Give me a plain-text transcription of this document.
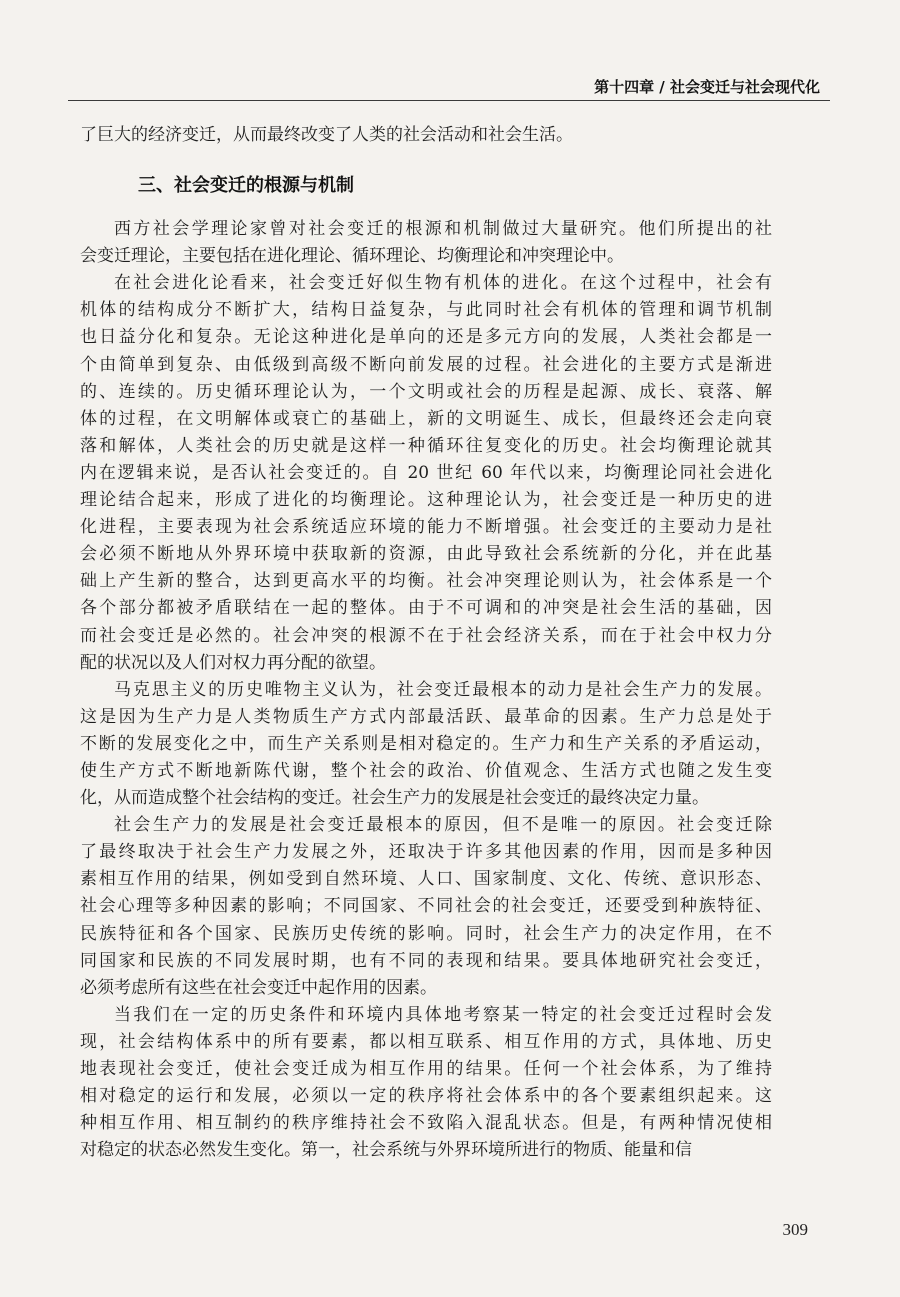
第十四章 / 社会变迁与社会现代化
了巨大的经济变迁，从而最终改变了人类的社会活动和社会生活。
三、社会变迁的根源与机制
西方社会学理论家曾对社会变迁的根源和机制做过大量研究。他们所提出的社
会变迁理论，主要包括在进化理论、循环理论、均衡理论和冲突理论中。
在社会进化论看来，社会变迁好似生物有机体的进化。在这个过程中，社会有
机体的结构成分不断扩大，结构日益复杂，与此同时社会有机体的管理和调节机制
也日益分化和复杂。无论这种进化是单向的还是多元方向的发展，人类社会都是一
个由简单到复杂、由低级到高级不断向前发展的过程。社会进化的主要方式是渐进
的、连续的。历史循环理论认为，一个文明或社会的历程是起源、成长、衰落、解
体的过程，在文明解体或衰亡的基础上，新的文明诞生、成长，但最终还会走向衰
落和解体，人类社会的历史就是这样一种循环往复变化的历史。社会均衡理论就其
内在逻辑来说，是否认社会变迁的。自 20 世纪 60 年代以来，均衡理论同社会进化
理论结合起来，形成了进化的均衡理论。这种理论认为，社会变迁是一种历史的进
化进程，主要表现为社会系统适应环境的能力不断增强。社会变迁的主要动力是社
会必须不断地从外界环境中获取新的资源，由此导致社会系统新的分化，并在此基
础上产生新的整合，达到更高水平的均衡。社会冲突理论则认为，社会体系是一个
各个部分都被矛盾联结在一起的整体。由于不可调和的冲突是社会生活的基础，因
而社会变迁是必然的。社会冲突的根源不在于社会经济关系，而在于社会中权力分
配的状况以及人们对权力再分配的欲望。
马克思主义的历史唯物主义认为，社会变迁最根本的动力是社会生产力的发展。
这是因为生产力是人类物质生产方式内部最活跃、最革命的因素。生产力总是处于
不断的发展变化之中，而生产关系则是相对稳定的。生产力和生产关系的矛盾运动，
使生产方式不断地新陈代谢，整个社会的政治、价值观念、生活方式也随之发生变
化，从而造成整个社会结构的变迁。社会生产力的发展是社会变迁的最终决定力量。
社会生产力的发展是社会变迁最根本的原因，但不是唯一的原因。社会变迁除
了最终取决于社会生产力发展之外，还取决于许多其他因素的作用，因而是多种因
素相互作用的结果，例如受到自然环境、人口、国家制度、文化、传统、意识形态、
社会心理等多种因素的影响；不同国家、不同社会的社会变迁，还要受到种族特征、
民族特征和各个国家、民族历史传统的影响。同时，社会生产力的决定作用，在不
同国家和民族的不同发展时期，也有不同的表现和结果。要具体地研究社会变迁，
必须考虑所有这些在社会变迁中起作用的因素。
当我们在一定的历史条件和环境内具体地考察某一特定的社会变迁过程时会发
现，社会结构体系中的所有要素，都以相互联系、相互作用的方式，具体地、历史
地表现社会变迁，使社会变迁成为相互作用的结果。任何一个社会体系，为了维持
相对稳定的运行和发展，必须以一定的秩序将社会体系中的各个要素组织起来。这
种相互作用、相互制约的秩序维持社会不致陷入混乱状态。但是，有两种情况使相
对稳定的状态必然发生变化。第一，社会系统与外界环境所进行的物质、能量和信
309
